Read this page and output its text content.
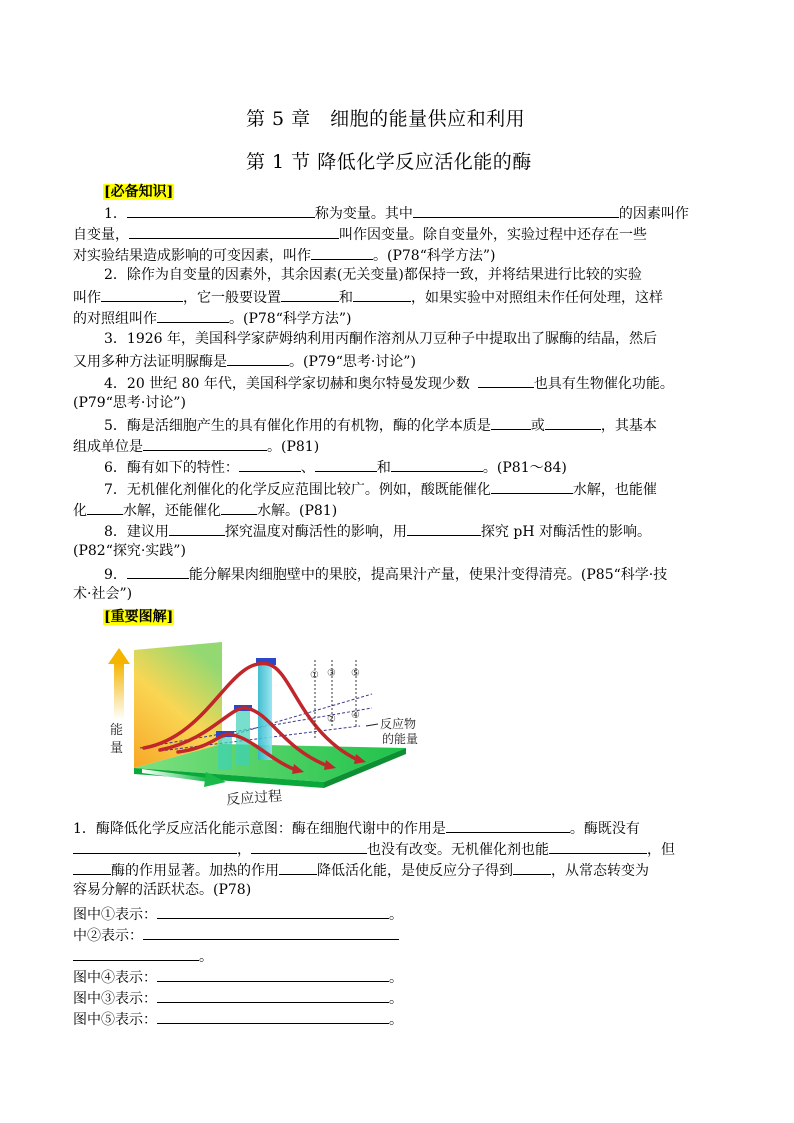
第 5 章　细胞的能量供应和利用
第 1 节 降低化学反应活化能的酶
[必备知识]
1．	称为变量。其中	的因素叫作
自变量，	叫作因变量。除自变量外，实验过程中还存在一些
对实验结果造成影响的可变因素，叫作	。(P78“科学方法”)
2．除作为自变量的因素外，其余因素(无关变量)都保持一致，并将结果进行比较的实验
叫作	，它一般要设置	和	，如果实验中对照组未作任何处理，这样
的对照组叫作	。(P78“科学方法”)
3．1926 年，美国科学家萨姆纳利用丙酮作溶剂从刀豆种子中提取出了脲酶的结晶，然后
又用多种方法证明脲酶是	。(P79“思考·讨论”)
4．20 世纪 80 年代，美国科学家切赫和奥尔特曼发现少数	也具有生物催化功能。
(P79“思考·讨论”)
5．酶是活细胞产生的具有催化作用的有机物，酶的化学本质是	或	，其基本
组成单位是	。(P81)
6．酶有如下的特性：	、	和	。(P81～84)
7．无机催化剂催化的化学反应范围比较广。例如，酸既能催化	水解，也能催
化	水解，还能催化	水解。(P81)
8．建议用	探究温度对酶活性的影响，用	探究 pH 对酶活性的影响。
(P82“探究·实践”)
9．	能分解果肉细胞壁中的果胶，提高果汁产量，使果汁变得清亮。(P85“科学·技
术·社会”)
[重要图解]
①
②
③
④
⑤
能
量
反应过程
反应物
的能量
1．酶降低化学反应活化能示意图：酶在细胞代谢中的作用是	。酶既没有
，	也没有改变。无机催化剂也能	，但
酶的作用显著。加热的作用	降低活化能，是使反应分子得到	，从常态转变为
容易分解的活跃状态。(P78)
图中①表示：	。
中②表示：
。
图中④表示：	。
图中③表示：	。
图中⑤表示：	。
